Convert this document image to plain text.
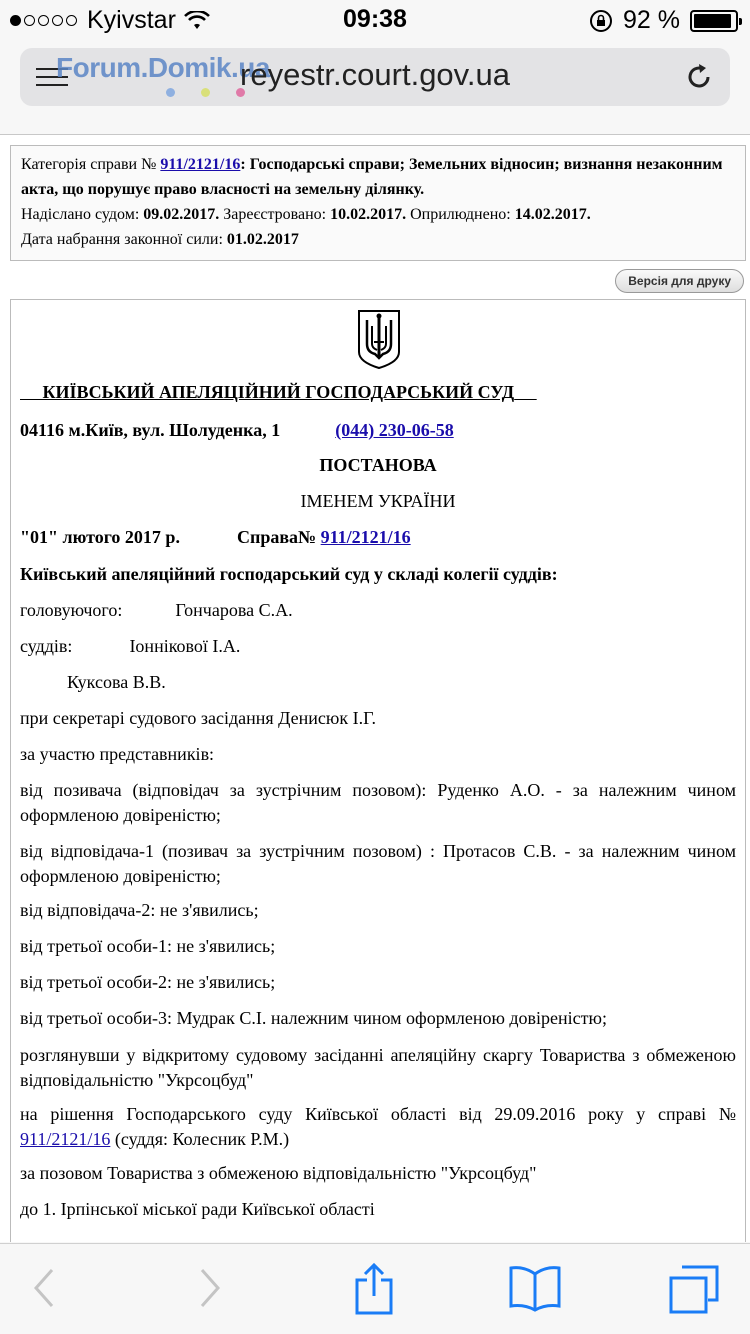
Kyivstar	09:38	92 %
Forum.Domik.ua
reyestr.court.gov.ua
Категорія справи № 911/2121/16: Господарські справи; Земельних відносин; визнання незаконним акта, що порушує право власності на земельну ділянку.
Надіслано судом: 09.02.2017. Зареєстровано: 10.02.2017. Оприлюднено: 14.02.2017.
Дата набрання законної сили: 01.02.2017
Версія для друку

КИЇВСЬКИЙ АПЕЛЯЦІЙНИЙ ГОСПОДАРСЬКИЙ СУД

04116 м.Київ, вул. Шолуденка, 1	(044) 230-06-58

ПОСТАНОВА

ІМЕНЕМ УКРАЇНИ

"01" лютого 2017 р.	Справа№ 911/2121/16

Київський апеляційний господарський суд у складі колегії суддів:

головуючого:	Гончарова С.А.

суддів:	Іоннікової І.А.

Куксова В.В.

при секретарі судового засідання Денисюк І.Г.

за участю представників:

від позивача (відповідач за зустрічним позовом): Руденко А.О. - за належним чином оформленою довіреністю;

від відповідача-1 (позивач за зустрічним позовом) : Протасов С.В. - за належним чином оформленою довіреністю;

від відповідача-2: не з'явились;

від третьої особи-1: не з'явились;

від третьої особи-2: не з'явились;

від третьої особи-3: Мудрак С.І. належним чином оформленою довіреністю;

розглянувши у відкритому судовому засіданні апеляційну скаргу Товариства з обмеженою відповідальністю "Укрсоцбуд"

на рішення Господарського суду Київської області від 29.09.2016 року у справі № 911/2121/16 (суддя: Колесник Р.М.)

за позовом Товариства з обмеженою відповідальністю "Укрсоцбуд"

до 1. Ірпінської міської ради Київської області
